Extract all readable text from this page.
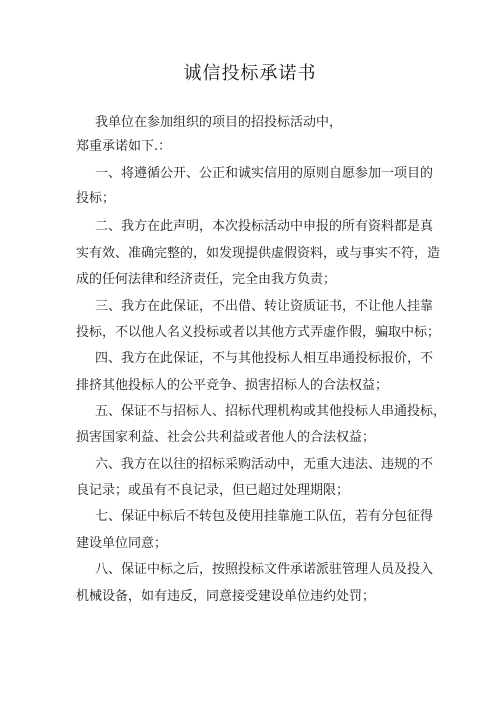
诚信投标承诺书
我单位在参加组织的项目的招投标活动中，
郑重承诺如下.：
一、将遵循公开、公正和诚实信用的原则自愿参加一项目的
投标；
二、我方在此声明，本次投标活动中申报的所有资料都是真
实有效、准确完整的，如发现提供虚假资料，或与事实不符，造
成的任何法律和经济责任，完全由我方负责；
三、我方在此保证，不出借、转让资质证书，不让他人挂靠
投标，不以他人名义投标或者以其他方式弄虚作假，骗取中标；
四、我方在此保证，不与其他投标人相互串通投标报价，不
排挤其他投标人的公平竞争、损害招标人的合法权益；
五、保证不与招标人、招标代理机构或其他投标人串通投标，
损害国家利益、社会公共利益或者他人的合法权益；
六、我方在以往的招标采购活动中，无重大违法、违规的不
良记录；或虽有不良记录，但已超过处理期限；
七、保证中标后不转包及使用挂靠施工队伍，若有分包征得
建设单位同意；
八、保证中标之后，按照投标文件承诺派驻管理人员及投入
机械设备，如有违反，同意接受建设单位违约处罚；
